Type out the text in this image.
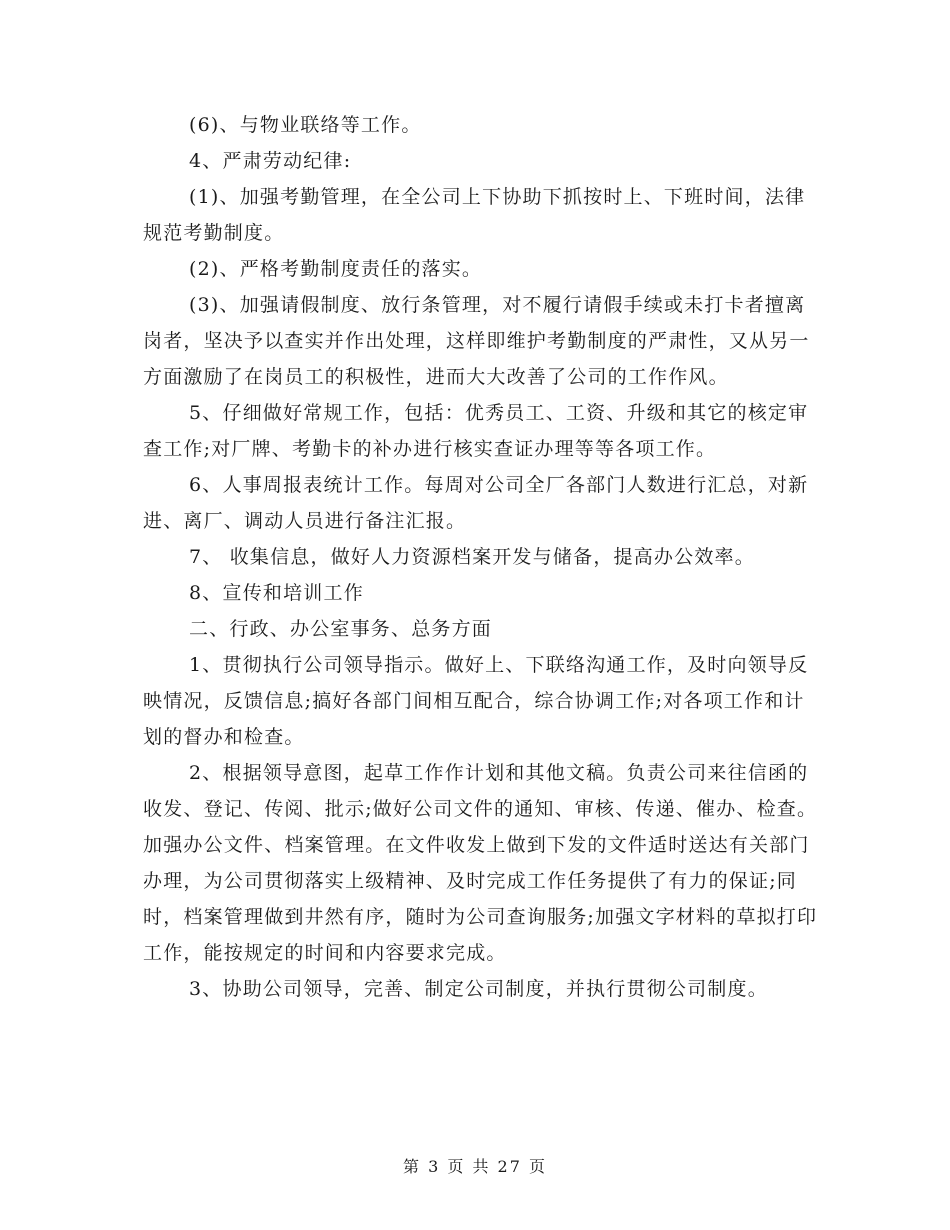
(6)、与物业联络等工作。

4、严肃劳动纪律:

(1)、加强考勤管理，在全公司上下协助下抓按时上、下班时间，法律规范考勤制度。

(2)、严格考勤制度责任的落实。

(3)、加强请假制度、放行条管理，对不履行请假手续或未打卡者擅离岗者，坚决予以查实并作出处理，这样即维护考勤制度的严肃性，又从另一方面激励了在岗员工的积极性，进而大大改善了公司的工作作风。

5、仔细做好常规工作，包括：优秀员工、工资、升级和其它的核定审查工作;对厂牌、考勤卡的补办进行核实查证办理等等各项工作。

6、人事周报表统计工作。每周对公司全厂各部门人数进行汇总，对新进、离厂、调动人员进行备注汇报。

7、 收集信息，做好人力资源档案开发与储备，提高办公效率。

8、宣传和培训工作

二、行政、办公室事务、总务方面

1、贯彻执行公司领导指示。做好上、下联络沟通工作，及时向领导反映情况，反馈信息;搞好各部门间相互配合，综合协调工作;对各项工作和计划的督办和检查。

2、根据领导意图，起草工作作计划和其他文稿。负责公司来往信函的收发、登记、传阅、批示;做好公司文件的通知、审核、传递、催办、检查。加强办公文件、档案管理。在文件收发上做到下发的文件适时送达有关部门办理，为公司贯彻落实上级精神、及时完成工作任务提供了有力的保证;同时，档案管理做到井然有序，随时为公司查询服务;加强文字材料的草拟打印工作，能按规定的时间和内容要求完成。

3、协助公司领导，完善、制定公司制度，并执行贯彻公司制度。

第 3 页 共 27 页
